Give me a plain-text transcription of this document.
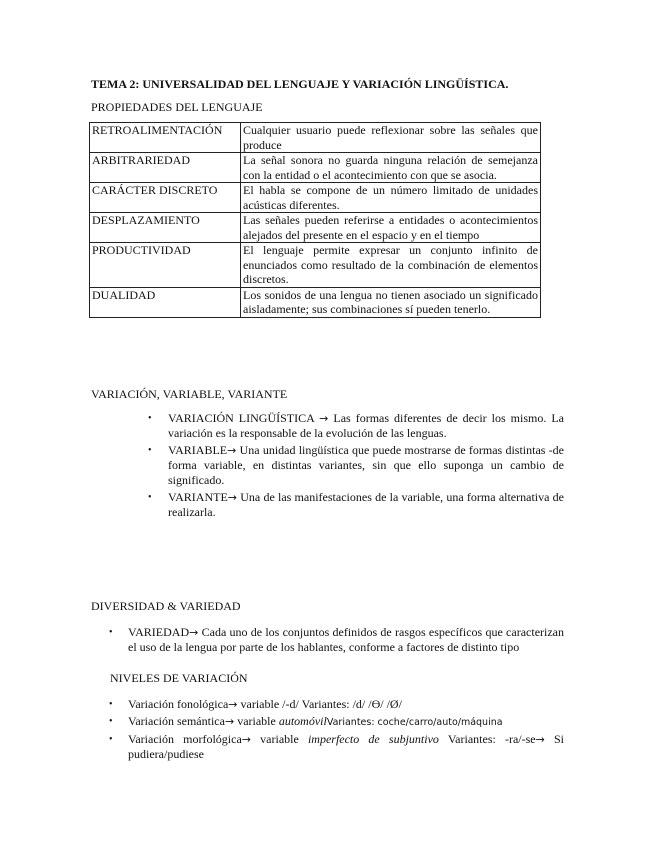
TEMA 2: UNIVERSALIDAD DEL LENGUAJE Y VARIACIÓN LINGÜÍSTICA.
PROPIEDADES DEL LENGUAJE
RETROALIMENTACIÓN	Cualquier usuario puede reflexionar sobre las señales que produce
ARBITRARIEDAD	La señal sonora no guarda ninguna relación de semejanza con la entidad o el acontecimiento con que se asocia.
CARÁCTER DISCRETO	El habla se compone de un número limitado de unidades acústicas diferentes.
DESPLAZAMIENTO	Las señales pueden referirse a entidades o acontecimientos alejados del presente en el espacio y en el tiempo
PRODUCTIVIDAD	El lenguaje permite expresar un conjunto infinito de enunciados como resultado de la combinación de elementos discretos.
DUALIDAD	Los sonidos de una lengua no tienen asociado un significado aisladamente; sus combinaciones sí pueden tenerlo.
VARIACIÓN, VARIABLE, VARIANTE
• VARIACIÓN LINGÜÍSTICA → Las formas diferentes de decir los mismo. La variación es la responsable de la evolución de las lenguas.
• VARIABLE→ Una unidad lingüística que puede mostrarse de formas distintas -de forma variable, en distintas variantes, sin que ello suponga un cambio de significado.
• VARIANTE→ Una de las manifestaciones de la variable, una forma alternativa de realizarla.
DIVERSIDAD & VARIEDAD
• VARIEDAD→ Cada uno de los conjuntos definidos de rasgos específicos que caracterizan el uso de la lengua por parte de los hablantes, conforme a factores de distinto tipo
NIVELES DE VARIACIÓN
• Variación fonológica→ variable /-d/ Variantes: /d/ /ϴ/ /Ø/
• Variación semántica→ variable automóvilVariantes: coche/carro/auto/máquina
• Variación morfológica→ variable imperfecto de subjuntivo Variantes: -ra/-se→ Si pudiera/pudiese
